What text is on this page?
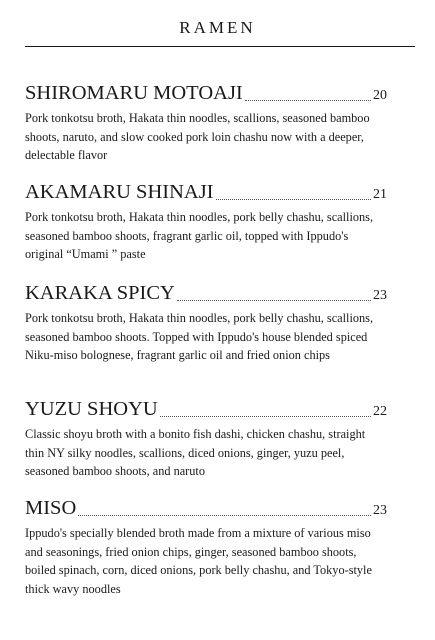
RAMEN
SHIROMARU MOTOAJI	20
Pork tonkotsu broth, Hakata thin noodles, scallions, seasoned bamboo shoots, naruto, and slow cooked pork loin chashu now with a deeper, delectable flavor
AKAMARU SHINAJI	21
Pork tonkotsu broth, Hakata thin noodles, pork belly chashu, scallions, seasoned bamboo shoots, fragrant garlic oil, topped with Ippudo's original “Umami ” paste
KARAKA SPICY	23
Pork tonkotsu broth, Hakata thin noodles, pork belly chashu, scallions, seasoned bamboo shoots. Topped with Ippudo's house blended spiced Niku-miso bolognese, fragrant garlic oil and fried onion chips
YUZU SHOYU	22
Classic shoyu broth with a bonito fish dashi, chicken chashu, straight thin NY silky noodles, scallions, diced onions, ginger, yuzu peel, seasoned bamboo shoots, and naruto
MISO	23
Ippudo's specially blended broth made from a mixture of various miso and seasonings, fried onion chips, ginger, seasoned bamboo shoots, boiled spinach, corn, diced onions, pork belly chashu, and Tokyo-style thick wavy noodles
